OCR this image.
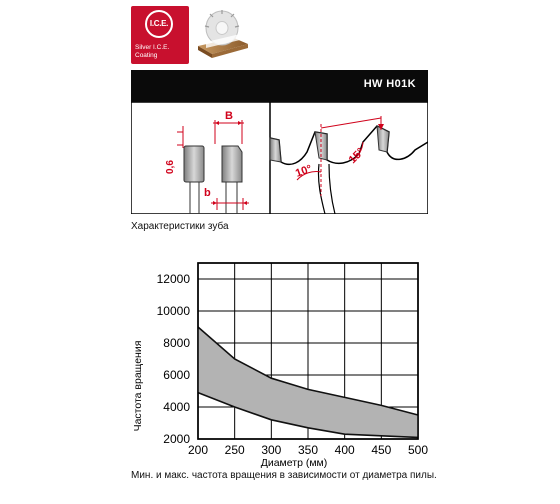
I.C.E.
Silver I.C.E.
Coating
HW H01K
B
b
0,6	10°
15°
Характеристики зуба
2000
4000
6000
8000
10000
12000
200 250 300 350 400 450 500
Частота вращения
Диаметр (мм)
Мин. и макс. частота вращения в зависимости от диаметра пилы.
